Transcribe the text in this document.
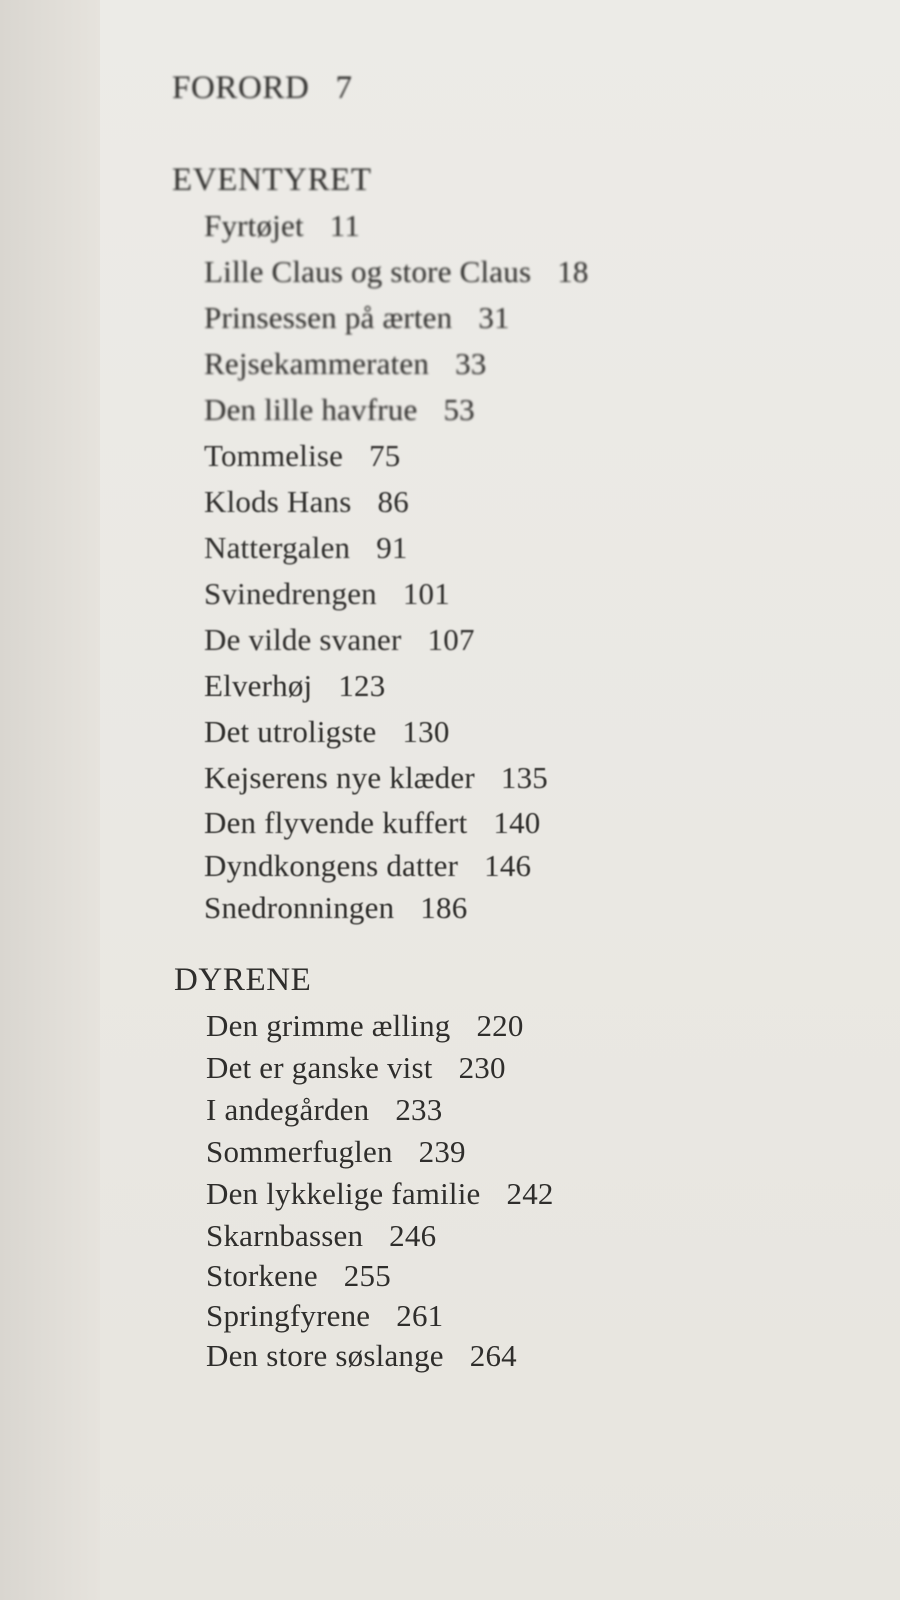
FORORD 7
EVENTYRET
Fyrtøjet 11
Lille Claus og store Claus 18
Prinsessen på ærten 31
Rejsekammeraten 33
Den lille havfrue 53
Tommelise 75
Klods Hans 86
Nattergalen 91
Svinedrengen 101
De vilde svaner 107
Elverhøj 123
Det utroligste 130
Kejserens nye klæder 135
Den flyvende kuffert 140
Dyndkongens datter 146
Snedronningen 186
DYRENE
Den grimme ælling 220
Det er ganske vist 230
I andegården 233
Sommerfuglen 239
Den lykkelige familie 242
Skarnbassen 246
Storkene 255
Springfyrene 261
Den store søslange 264
